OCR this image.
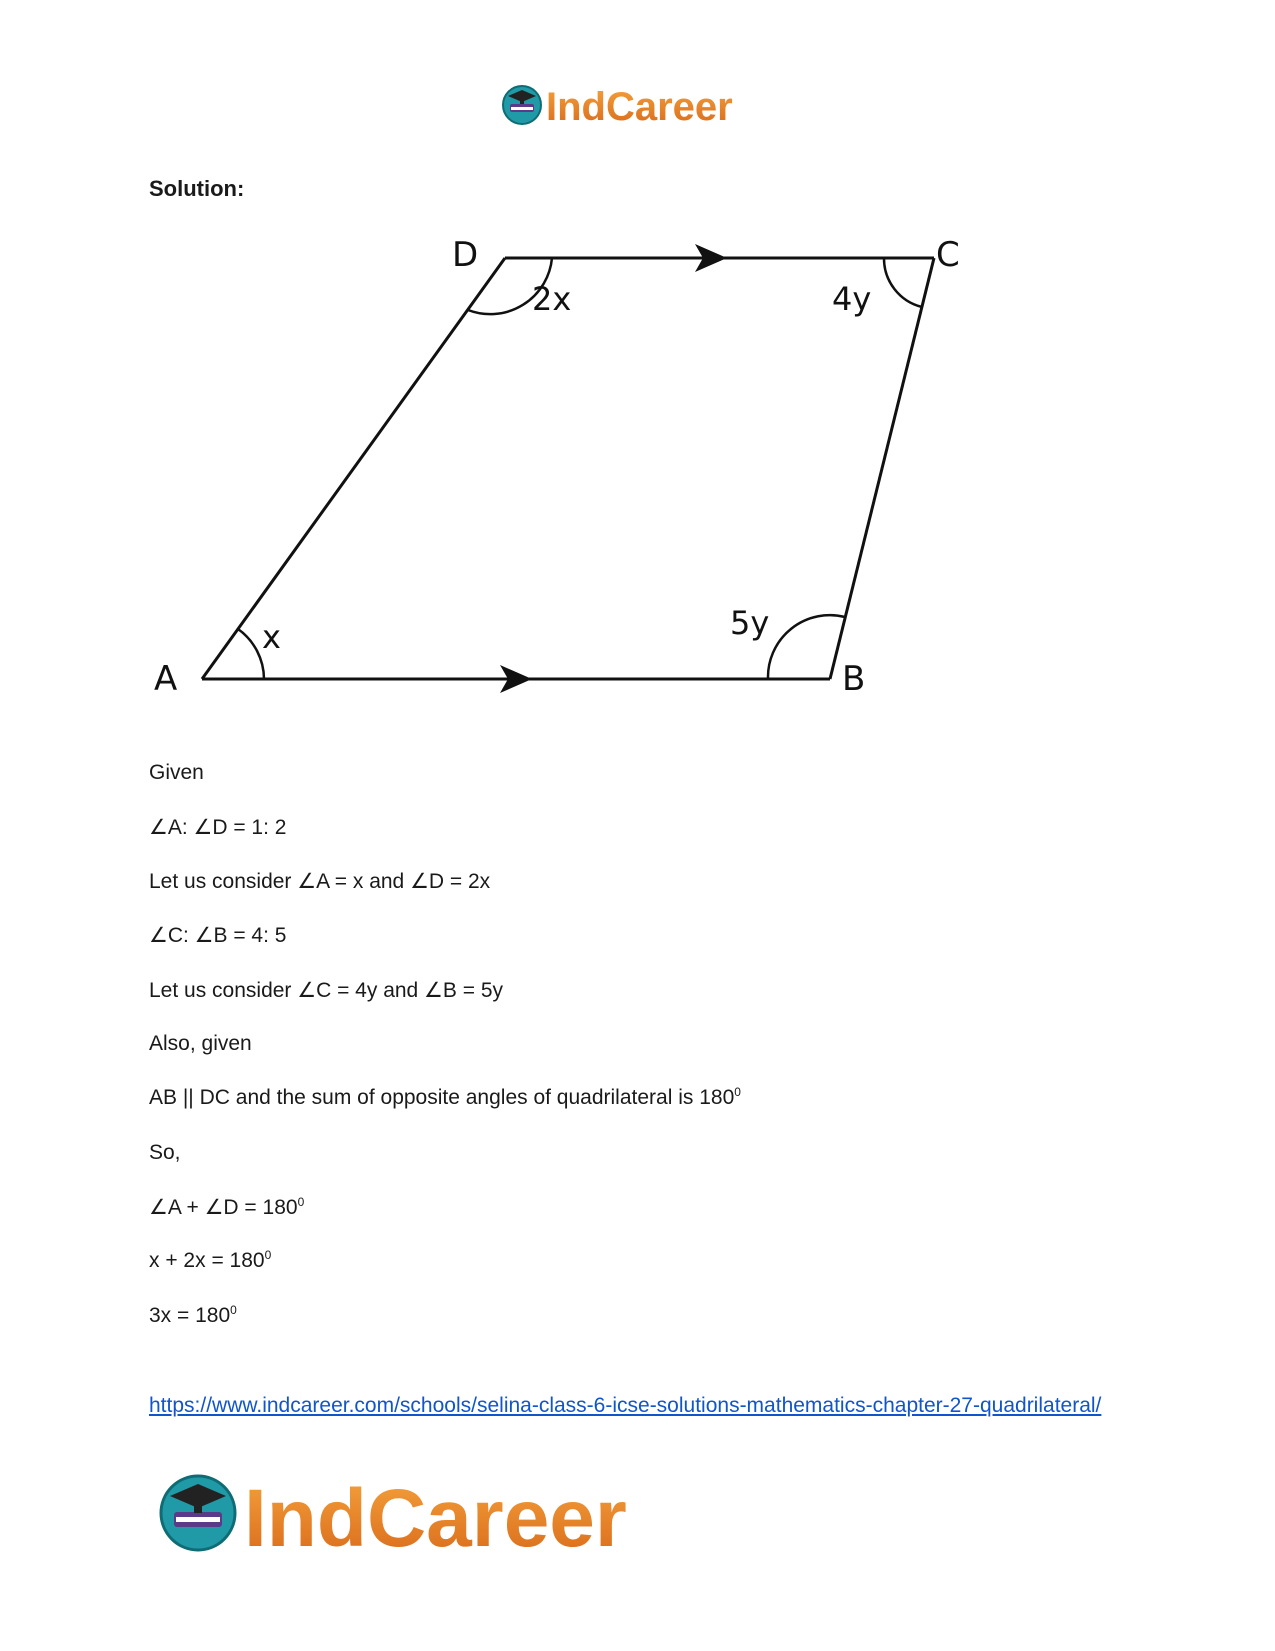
IndCareer

Solution:

A	B
C
D
x	5y
4y
2x

Given

∠A: ∠D = 1: 2

Let us consider ∠A = x and ∠D = 2x

∠C: ∠B = 4: 5

Let us consider ∠C = 4y and ∠B = 5y

Also, given

AB || DC and the sum of opposite angles of quadrilateral is $180^0$

So,

∠A + ∠D = $180^0$

$x + 2x = 180^0$

$3x = 180^0$

https://www.indcareer.com/schools/selina-class-6-icse-solutions-mathematics-chapter-27-quadrilateral/
IndCareer
